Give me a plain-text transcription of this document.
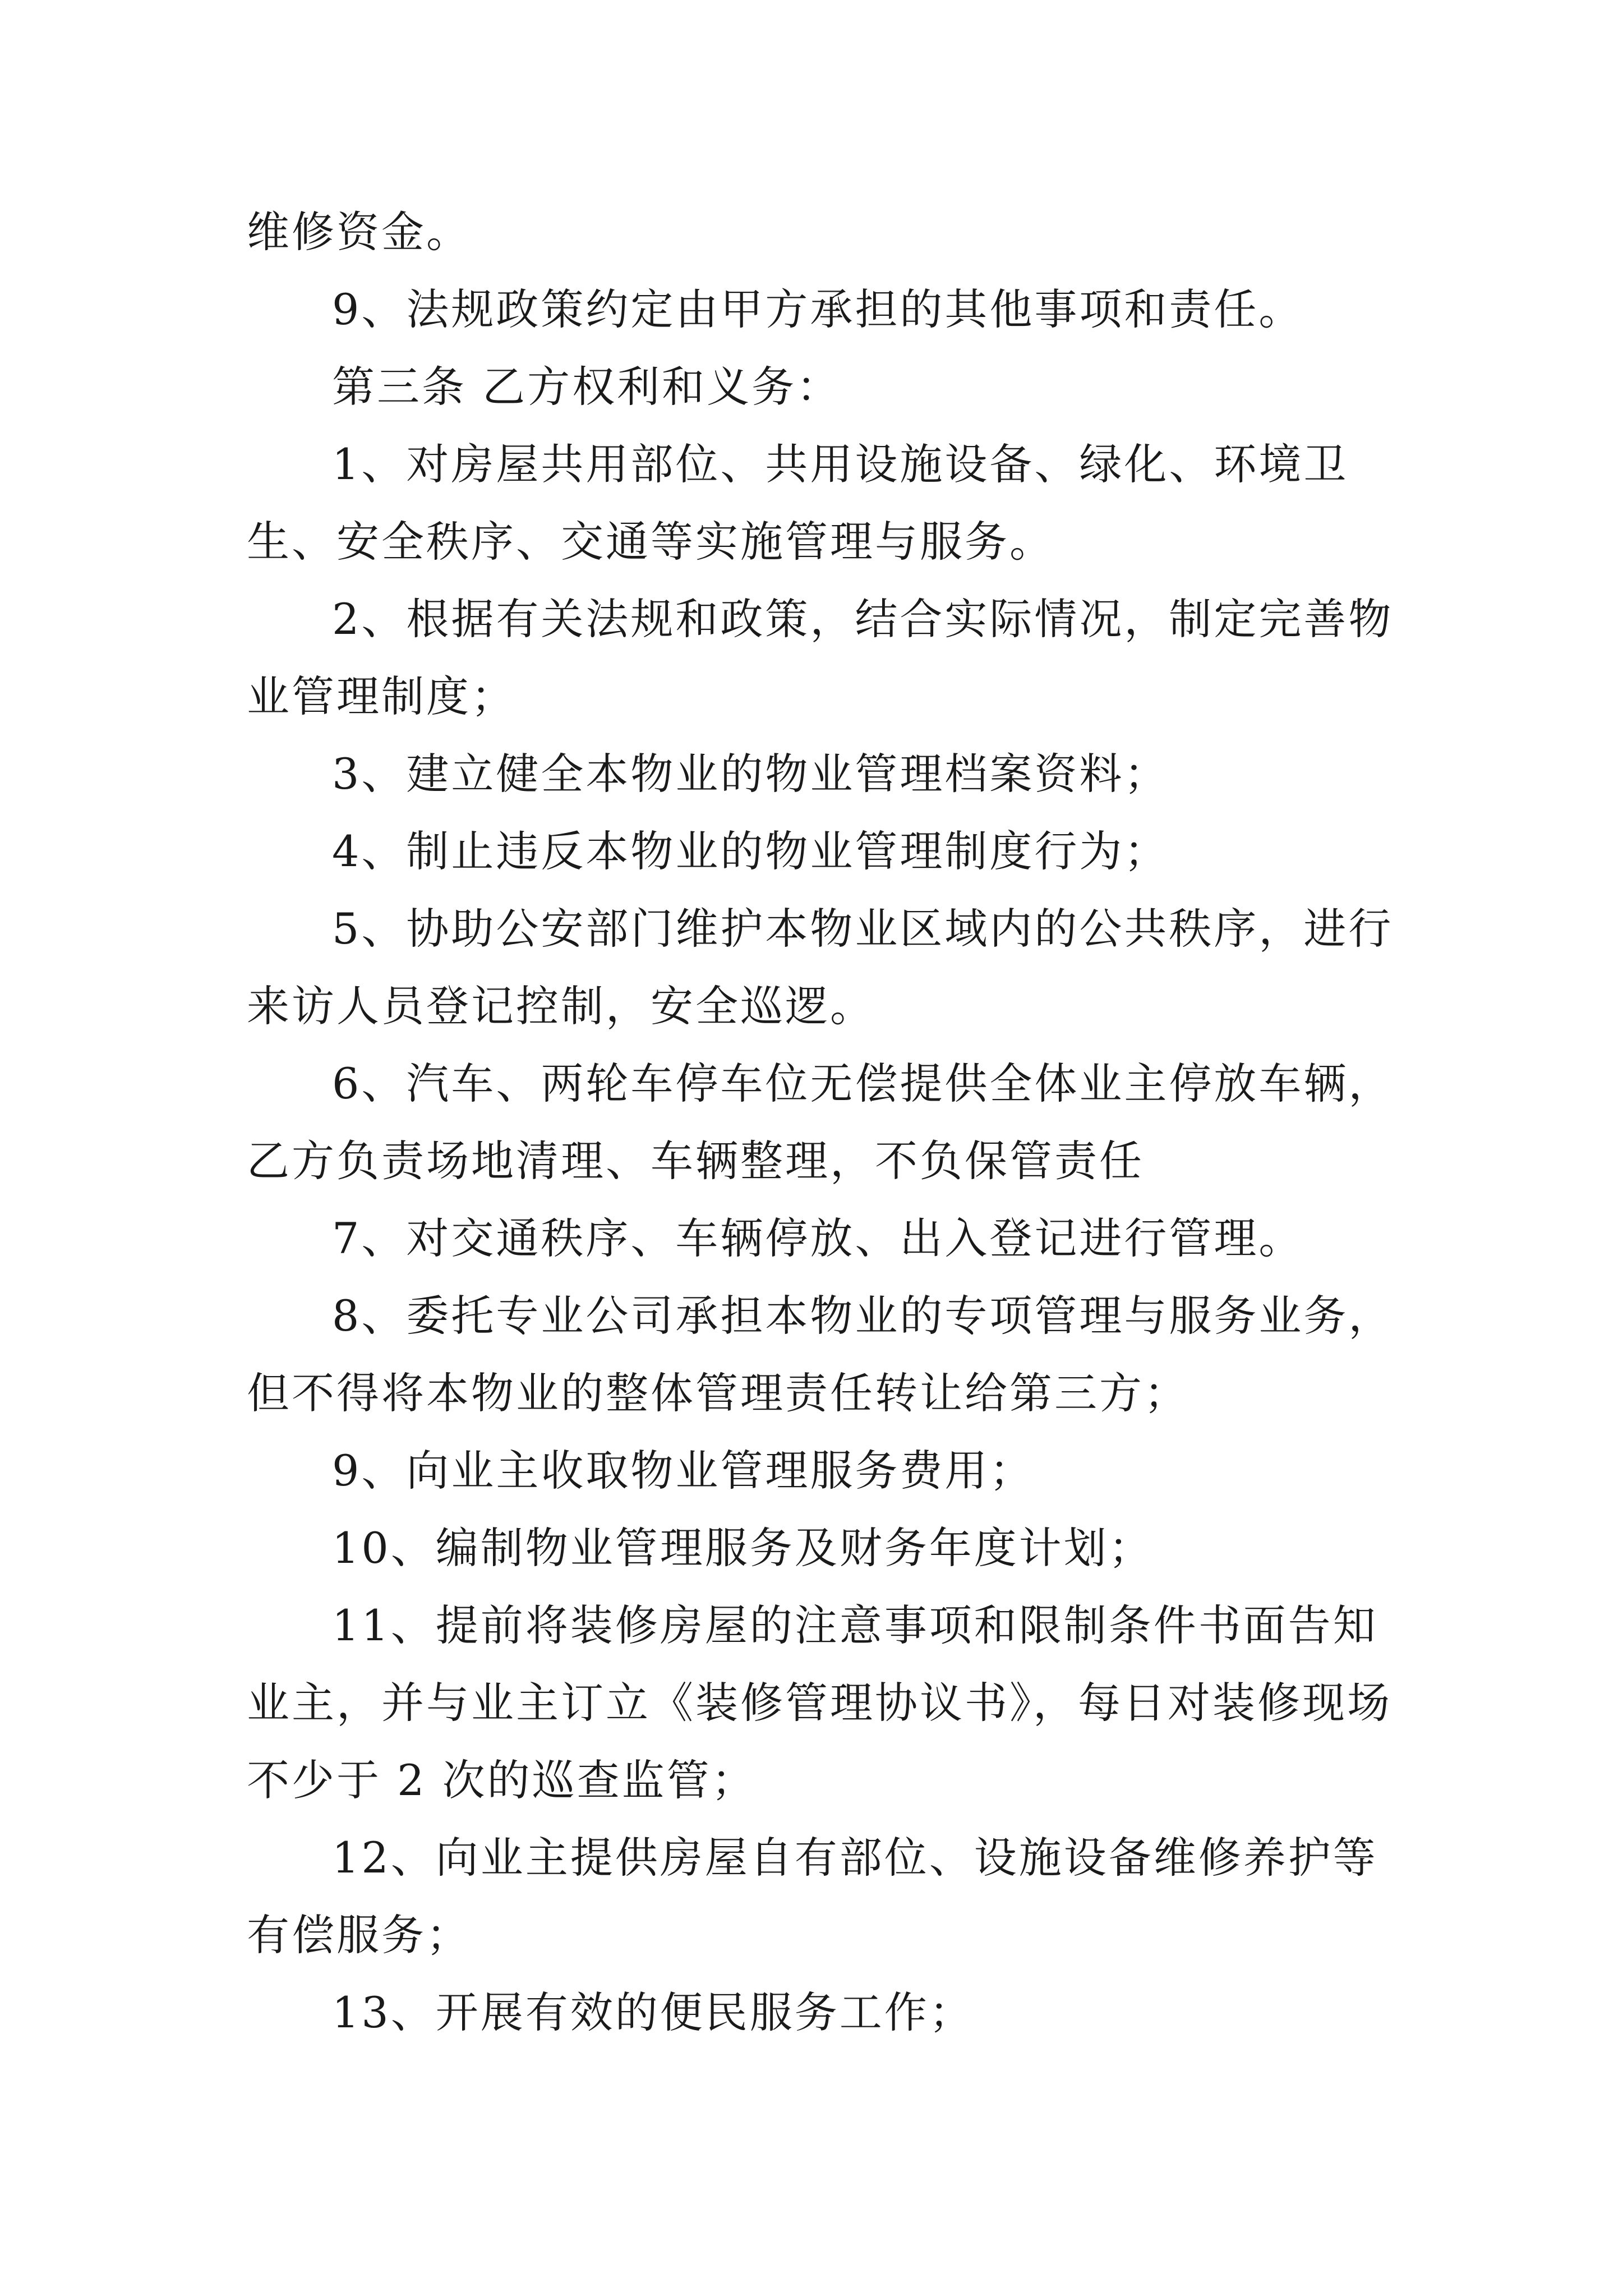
维修资金。

9、法规政策约定由甲方承担的其他事项和责任。

第三条 乙方权利和义务：

1、对房屋共用部位、共用设施设备、绿化、环境卫生、安全秩序、交通等实施管理与服务。

2、根据有关法规和政策，结合实际情况，制定完善物业管理制度；

3、建立健全本物业的物业管理档案资料；

4、制止违反本物业的物业管理制度行为；

5、协助公安部门维护本物业区域内的公共秩序，进行来访人员登记控制，安全巡逻。

6、汽车、两轮车停车位无偿提供全体业主停放车辆，乙方负责场地清理、车辆整理，不负保管责任

7、对交通秩序、车辆停放、出入登记进行管理。

8、委托专业公司承担本物业的专项管理与服务业务，但不得将本物业的整体管理责任转让给第三方；

9、向业主收取物业管理服务费用；

10、编制物业管理服务及财务年度计划；

11、提前将装修房屋的注意事项和限制条件书面告知业主，并与业主订立《装修管理协议书》，每日对装修现场不少于 2 次的巡查监管；

12、向业主提供房屋自有部位、设施设备维修养护等有偿服务；

13、开展有效的便民服务工作；
